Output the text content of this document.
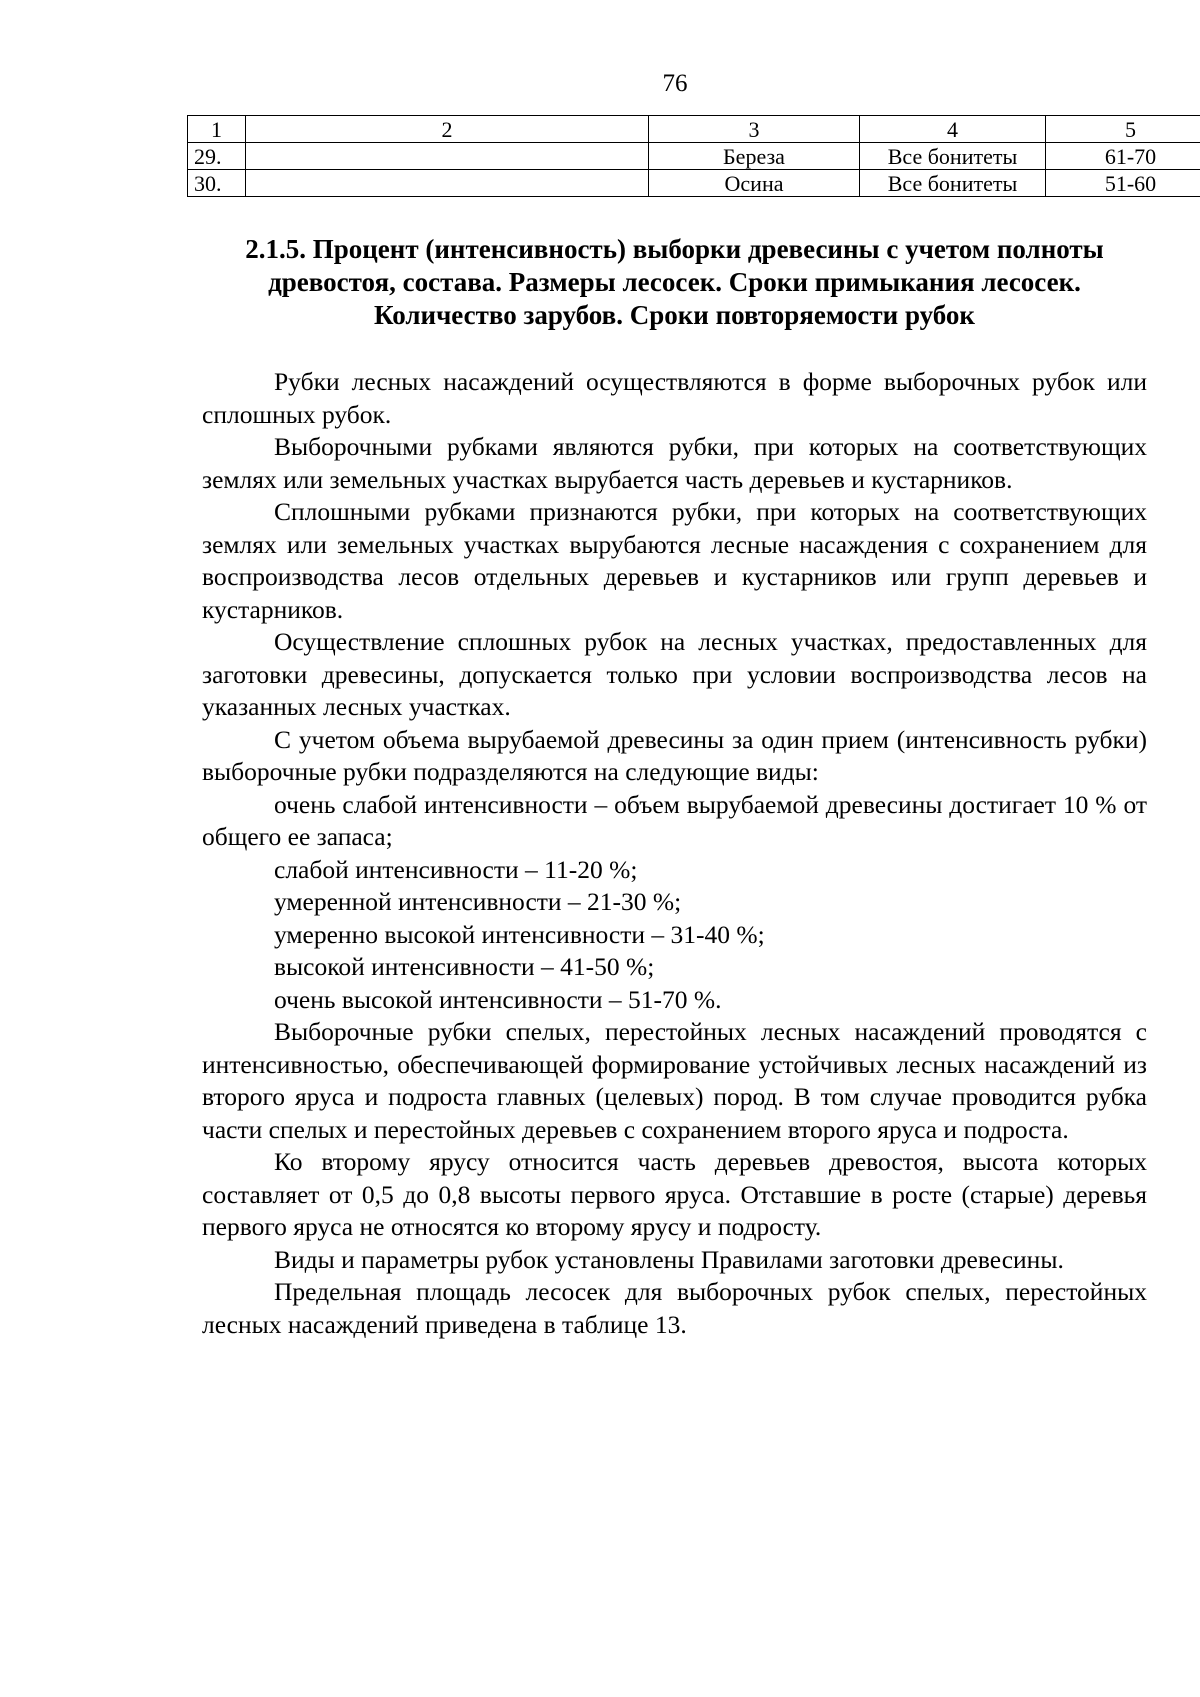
76
1	2	3	4	5
29.		Береза	Все бонитеты	61-70
30.		Осина	Все бонитеты	51-60
2.1.5. Процент (интенсивность) выборки древесины с учетом полноты
древостоя, состава. Размеры лесосек. Сроки примыкания лесосек.
Количество зарубов. Сроки повторяемости рубок

Рубки лесных насаждений осуществляются в форме выборочных рубок или сплошных рубок.

Выборочными рубками являются рубки, при которых на соответствующих землях или земельных участках вырубается часть деревьев и кустарников.

Сплошными рубками признаются рубки, при которых на соответствующих землях или земельных участках вырубаются лесные насаждения с сохранением для воспроизводства лесов отдельных деревьев и кустарников или групп деревьев и кустарников.

Осуществление сплошных рубок на лесных участках, предоставленных для заготовки древесины, допускается только при условии воспроизводства лесов на указанных лесных участках.

С учетом объема вырубаемой древесины за один прием (интенсивность рубки) выборочные рубки подразделяются на следующие виды:

очень слабой интенсивности – объем вырубаемой древесины достигает 10 % от общего ее запаса;

слабой интенсивности – 11-20 %;

умеренной интенсивности – 21-30 %;

умеренно высокой интенсивности – 31-40 %;

высокой интенсивности – 41-50 %;

очень высокой интенсивности – 51-70 %.

Выборочные рубки спелых, перестойных лесных насаждений проводятся с интенсивностью, обеспечивающей формирование устойчивых лесных насаждений из второго яруса и подроста главных (целевых) пород. В том случае проводится рубка части спелых и перестойных деревьев с сохранением второго яруса и подроста.

Ко второму ярусу относится часть деревьев древостоя, высота которых составляет от 0,5 до 0,8 высоты первого яруса. Отставшие в росте (старые) деревья первого яруса не относятся ко второму ярусу и подросту.

Виды и параметры рубок установлены Правилами заготовки древесины.

Предельная площадь лесосек для выборочных рубок спелых, перестойных лесных насаждений приведена в таблице 13.
